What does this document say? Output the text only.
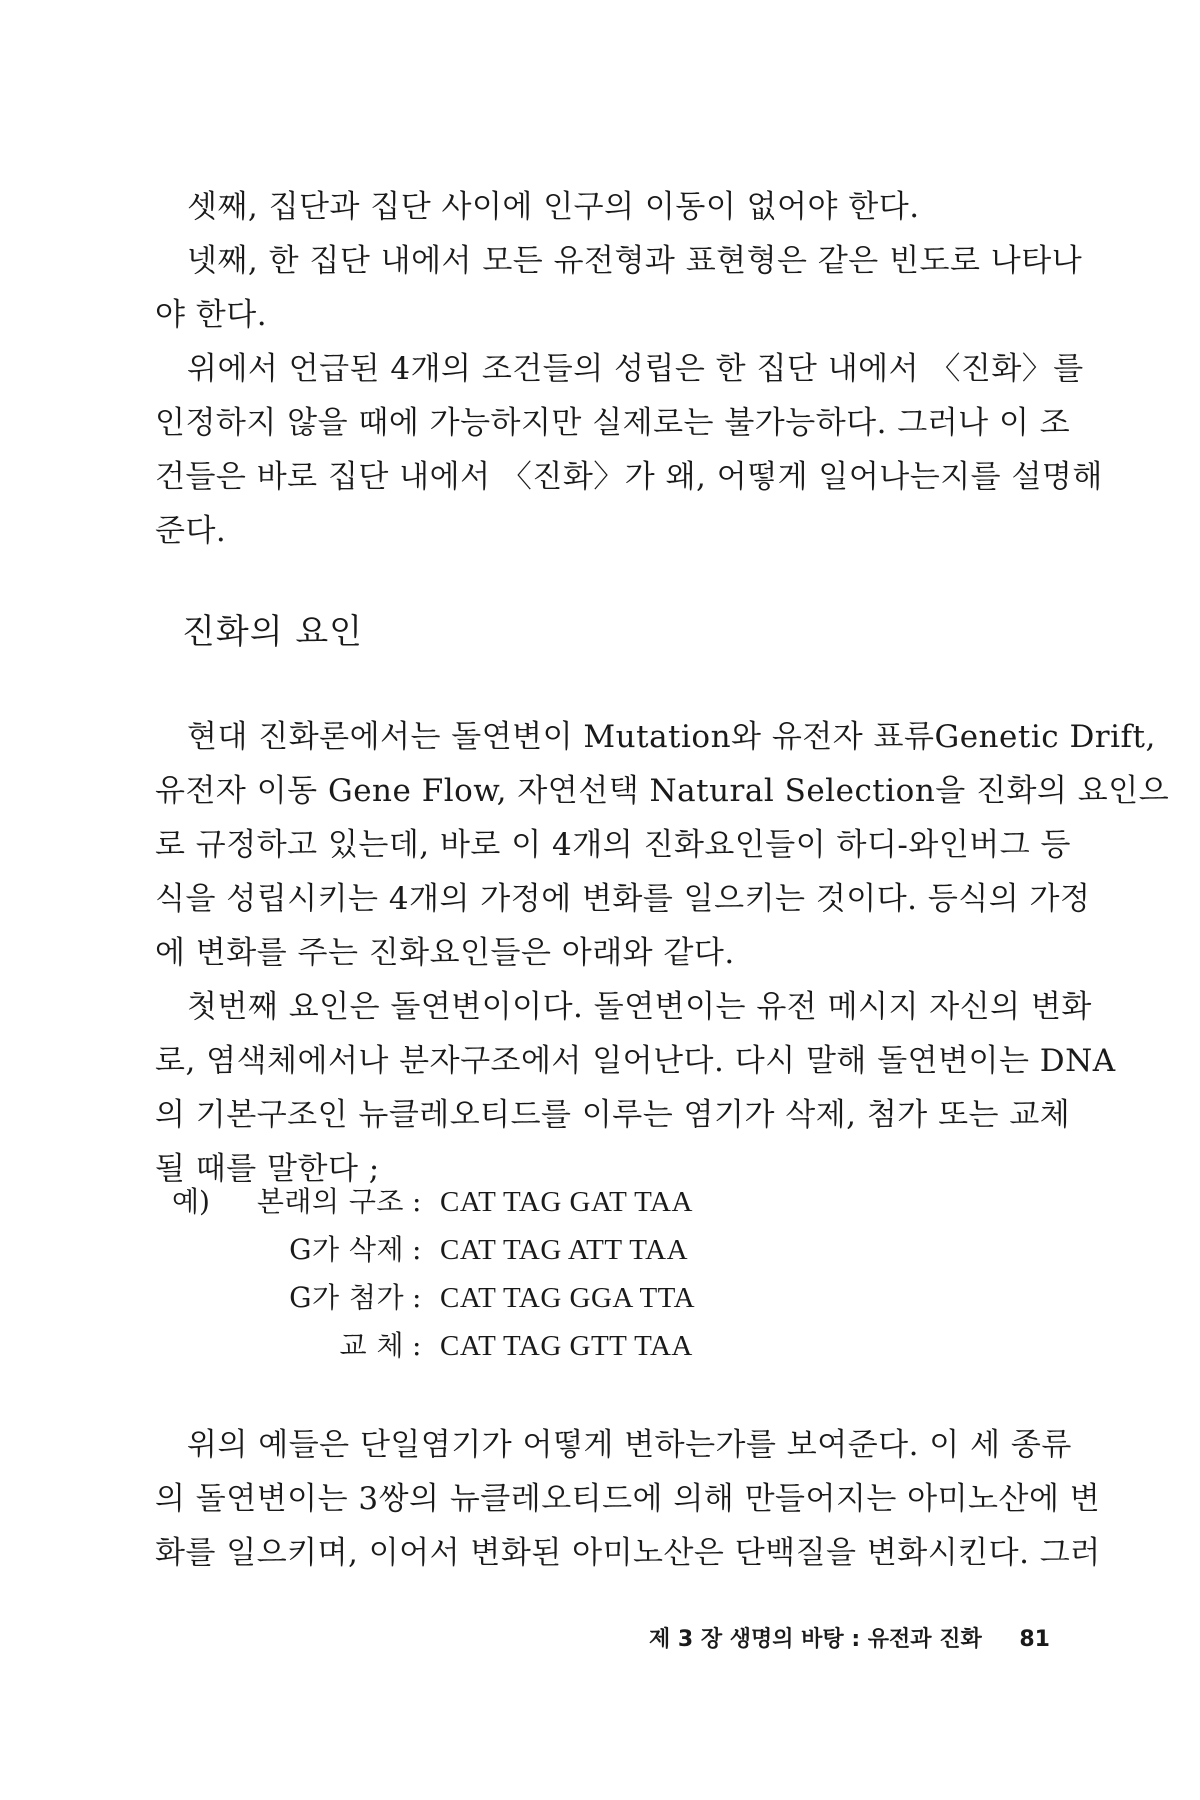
셋째, 집단과 집단 사이에 인구의 이동이 없어야 한다.
넷째, 한 집단 내에서 모든 유전형과 표현형은 같은 빈도로 나타나
야 한다.
위에서 언급된 4개의 조건들의 성립은 한 집단 내에서 〈진화〉를
인정하지 않을 때에 가능하지만 실제로는 불가능하다. 그러나 이 조
건들은 바로 집단 내에서 〈진화〉가 왜, 어떻게 일어나는지를 설명해
준다.
진화의 요인
현대 진화론에서는 돌연변이 Mutation와 유전자 표류Genetic Drift,
유전자 이동 Gene Flow, 자연선택 Natural Selection을 진화의 요인으
로 규정하고 있는데, 바로 이 4개의 진화요인들이 하디-와인버그 등
식을 성립시키는 4개의 가정에 변화를 일으키는 것이다. 등식의 가정
에 변화를 주는 진화요인들은 아래와 같다.
첫번째 요인은 돌연변이이다. 돌연변이는 유전 메시지 자신의 변화
로, 염색체에서나 분자구조에서 일어난다. 다시 말해 돌연변이는 DNA
의 기본구조인 뉴클레오티드를 이루는 염기가 삭제, 첨가 또는 교체
될 때를 말한다 ;
예)	본래의 구조 : CAT TAG GAT TAA
G가 삭제 : CAT TAG ATT TAA
G가 첨가 : CAT TAG GGA TTA
교 체 : CAT TAG GTT TAA
위의 예들은 단일염기가 어떻게 변하는가를 보여준다. 이 세 종류
의 돌연변이는 3쌍의 뉴클레오티드에 의해 만들어지는 아미노산에 변
화를 일으키며, 이어서 변화된 아미노산은 단백질을 변화시킨다. 그러
제 3 장 생명의 바탕 : 유전과 진화 81
